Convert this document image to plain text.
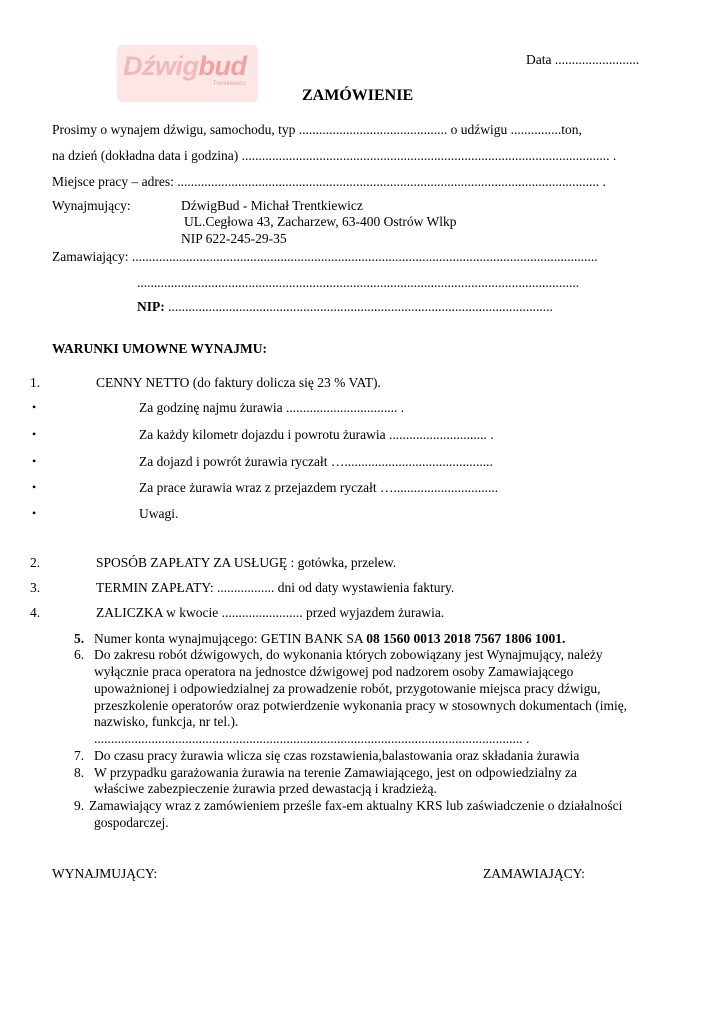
Dźwigbud
Trentkiewicz
Data .........................
ZAMÓWIENIE
Prosimy o wynajem dźwigu, samochodu, typ ............................................ o udźwigu ...............ton,
na dzień (dokładna data i godzina) ............................................................................................................. .
Miejsce pracy – adres: ............................................................................................................................. .
Wynajmujący:	DźwigBud - Michał Trentkiewicz
UL.Cegłowa 43, Zacharzew, 63-400 Ostrów Wlkp
NIP 622-245-29-35
Zamawiający: ..........................................................................................................................................
...................................................................................................................................
NIP: ..................................................................................................................
WARUNKI UMOWNE WYNAJMU:
1.	CENNY NETTO (do faktury dolicza się 23 % VAT).
•	Za godzinę najmu żurawia ................................. .
•	Za każdy kilometr dojazdu i powrotu żurawia ............................. .
•	Za dojazd i powrót żurawia ryczałt …............................................
•	Za prace żurawia wraz z przejazdem ryczałt …...............................
•	Uwagi.
2.	SPOSÓB ZAPŁATY ZA USŁUGĘ : gotówka, przelew.
3.	TERMIN ZAPŁATY: ................. dni od daty wystawienia faktury.
4.	ZALICZKA w kwocie ........................ przed wyjazdem żurawia.
5. Numer konta wynajmującego: GETIN BANK SA 08 1560 0013 2018 7567 1806 1001.
6. Do zakresu robót dźwigowych, do wykonania których zobowiązany jest Wynajmujący, należy
wyłącznie praca operatora na jednostce dźwigowej pod nadzorem osoby Zamawiającego
upoważnionej i odpowiedzialnej za prowadzenie robót, przygotowanie miejsca pracy dźwigu,
przeszkolenie operatorów oraz potwierdzenie wykonania pracy w stosownych dokumentach (imię,
nazwisko, funkcja, nr tel.).
............................................................................................................................... .
7. Do czasu pracy żurawia wlicza się czas rozstawienia,balastowania oraz składania żurawia
8. W przypadku garażowania żurawia na terenie Zamawiającego, jest on odpowiedzialny za
właściwe zabezpieczenie żurawia przed dewastacją i kradzieżą.
9. Zamawiający wraz z zamówieniem prześle fax-em aktualny KRS lub zaświadczenie o działalności
gospodarczej.
WYNAJMUJĄCY:	ZAMAWIAJĄCY:
